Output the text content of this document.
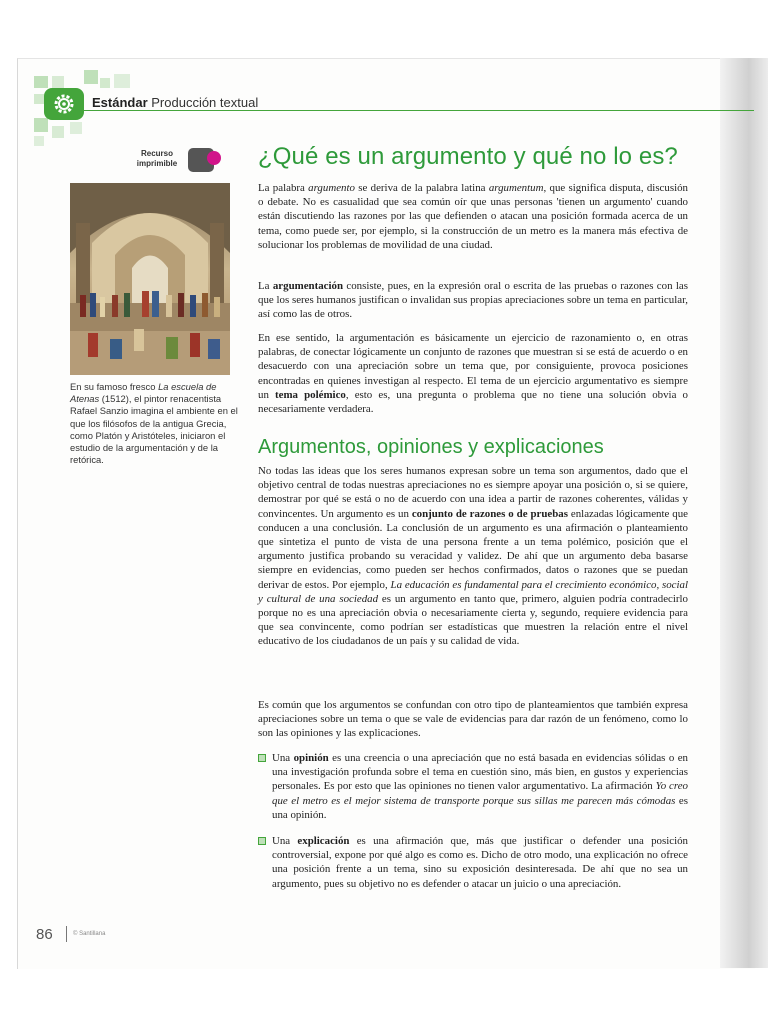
Estándar Producción textual
Recurso imprimible
En su famoso fresco La escuela de Atenas (1512), el pintor renacentista Rafael Sanzio imagina el ambiente en el que los filósofos de la antigua Grecia, como Platón y Aristóteles, iniciaron el estudio de la argumentación y de la retórica.
¿Qué es un argumento y qué no lo es?
La palabra argumento se deriva de la palabra latina argumentum, que significa disputa, discusión o debate. No es casualidad que sea común oír que unas personas 'tienen un argumento' cuando están discutiendo las razones por las que defienden o atacan una posición formada acerca de un tema, como puede ser, por ejemplo, si la construcción de un metro es la manera más efectiva de solucionar los problemas de movilidad de una ciudad.
La argumentación consiste, pues, en la expresión oral o escrita de las pruebas o razones con las que los seres humanos justifican o invalidan sus propias apreciaciones sobre un tema en particular, así como las de otros.
En ese sentido, la argumentación es básicamente un ejercicio de razonamiento o, en otras palabras, de conectar lógicamente un conjunto de razones que muestran si se está de acuerdo o en desacuerdo con una apreciación sobre un tema que, por consiguiente, provoca posiciones encontradas en quienes investigan al respecto. El tema de un ejercicio argumentativo es siempre un tema polémico, esto es, una pregunta o problema que no tiene una solución obvia o necesariamente verdadera.
Argumentos, opiniones y explicaciones
No todas las ideas que los seres humanos expresan sobre un tema son argumentos, dado que el objetivo central de todas nuestras apreciaciones no es siempre apoyar una posición o, si se quiere, demostrar por qué se está o no de acuerdo con una idea a partir de razones coherentes, válidas y convincentes. Un argumento es un conjunto de razones o de pruebas enlazadas lógicamente que conducen a una conclusión. La conclusión de un argumento es una afirmación o planteamiento que sintetiza el punto de vista de una persona frente a un tema polémico, posición que el argumento justifica probando su veracidad y validez. De ahí que un argumento deba basarse siempre en evidencias, como pueden ser hechos confirmados, datos o razones que se puedan derivar de estos. Por ejemplo, La educación es fundamental para el crecimiento económico, social y cultural de una sociedad es un argumento en tanto que, primero, alguien podría contradecirlo porque no es una apreciación obvia o necesariamente cierta y, segundo, requiere evidencia para que sea convincente, como podrían ser estadísticas que muestren la relación entre el nivel educativo de los ciudadanos de un país y su calidad de vida.
Es común que los argumentos se confundan con otro tipo de planteamientos que también expresa apreciaciones sobre un tema o que se vale de evidencias para dar razón de un fenómeno, como lo son las opiniones y las explicaciones.
Una opinión es una creencia o una apreciación que no está basada en evidencias sólidas o en una investigación profunda sobre el tema en cuestión sino, más bien, en gustos y experiencias personales. Es por esto que las opiniones no tienen valor argumentativo. La afirmación Yo creo que el metro es el mejor sistema de transporte porque sus sillas me parecen más cómodas es una opinión.
Una explicación es una afirmación que, más que justificar o defender una posición controversial, expone por qué algo es como es. Dicho de otro modo, una explicación no ofrece una posición frente a un tema, sino su exposición desinteresada. De ahí que no sea un argumento, pues su objetivo no es defender o atacar un juicio o una apreciación.
86	© Santillana
